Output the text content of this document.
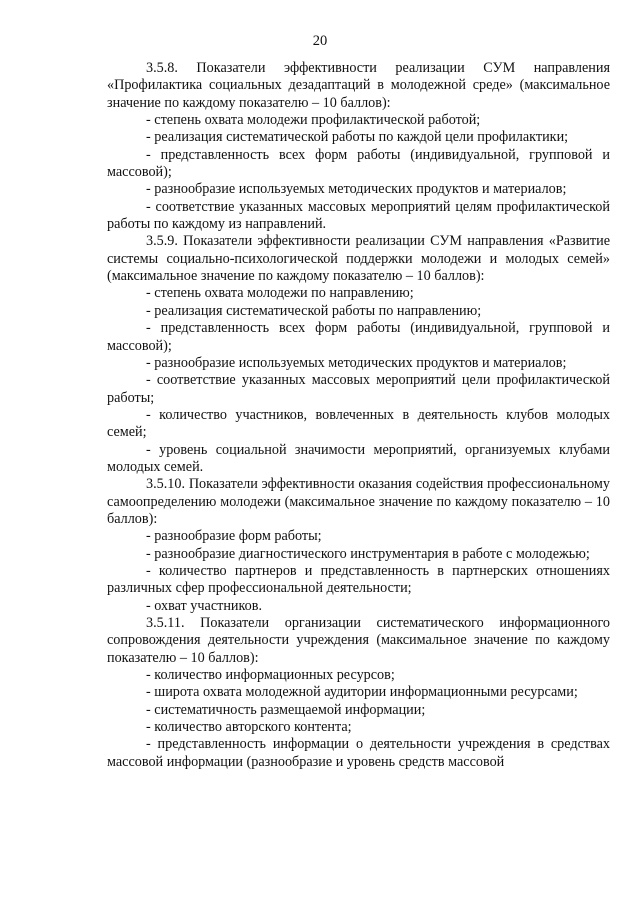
20

3.5.8. Показатели эффективности реализации СУМ направления «Профилактика социальных дезадаптаций в молодежной среде» (максимальное значение по каждому показателю – 10 баллов):

- степень охвата молодежи профилактической работой;

- реализация систематической работы по каждой цели профилактики;

- представленность всех форм работы (индивидуальной, групповой и массовой);

- разнообразие используемых методических продуктов и материалов;

- соответствие указанных массовых мероприятий целям профилактической работы по каждому из направлений.

3.5.9. Показатели эффективности реализации СУМ направления «Развитие системы социально-психологической поддержки молодежи и молодых семей» (максимальное значение по каждому показателю – 10 баллов):

- степень охвата молодежи по направлению;

- реализация систематической работы по направлению;

- представленность всех форм работы (индивидуальной, групповой и массовой);

- разнообразие используемых методических продуктов и материалов;

- соответствие указанных массовых мероприятий цели профилактической работы;

- количество участников, вовлеченных в деятельность клубов молодых семей;

- уровень социальной значимости мероприятий, организуемых клубами молодых семей.

3.5.10. Показатели эффективности оказания содействия профессиональному самоопределению молодежи (максимальное значение по каждому показателю – 10 баллов):

- разнообразие форм работы;

- разнообразие диагностического инструментария в работе с молодежью;

- количество партнеров и представленность в партнерских отношениях различных сфер профессиональной деятельности;

- охват участников.

3.5.11. Показатели организации систематического информационного сопровождения деятельности учреждения (максимальное значение по каждому показателю – 10 баллов):

- количество информационных ресурсов;

- широта охвата молодежной аудитории информационными ресурсами;

- систематичность размещаемой информации;

- количество авторского контента;

- представленность информации о деятельности учреждения в средствах массовой информации (разнообразие и уровень средств массовой
